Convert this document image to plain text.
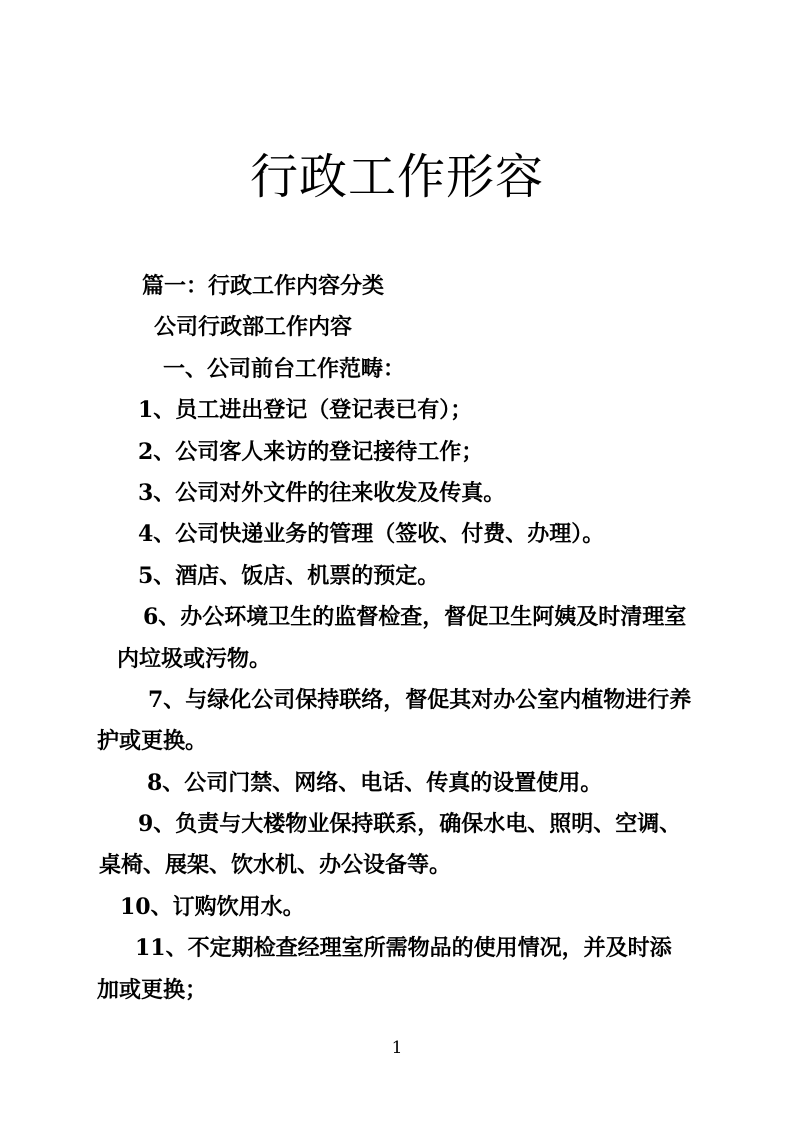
行政工作形容
篇一：行政工作内容分类
公司行政部工作内容
一、公司前台工作范畴：
1、员工进出登记（登记表已有）；
2、公司客人来访的登记接待工作；
3、公司对外文件的往来收发及传真。
4、公司快递业务的管理（签收、付费、办理）。
5、酒店、饭店、机票的预定。
6、办公环境卫生的监督检查，督促卫生阿姨及时清理室
内垃圾或污物。
7、与绿化公司保持联络，督促其对办公室内植物进行养
护或更换。
8、公司门禁、网络、电话、传真的设置使用。
9、负责与大楼物业保持联系，确保水电、照明、空调、
桌椅、展架、饮水机、办公设备等。
10、订购饮用水。
11、不定期检查经理室所需物品的使用情况，并及时添
加或更换；
1
